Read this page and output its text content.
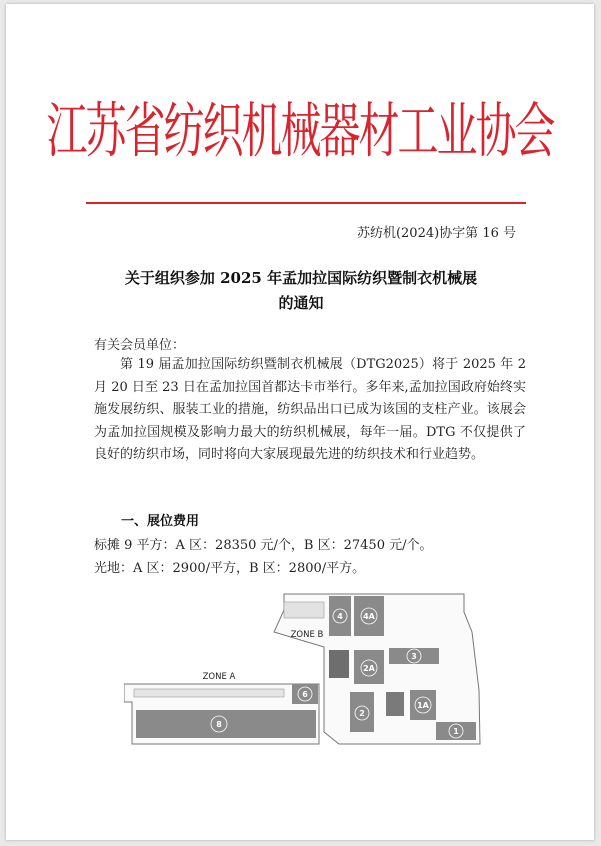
江苏省纺织机械器材工业协会
苏纺机(2024)协字第 16 号
关于组织参加 2025 年孟加拉国际纺织暨制衣机械展
的通知
有关会员单位：
第 19 届孟加拉国际纺织暨制衣机械展（DTG2025）将于 2025 年 2 月 20 日至 23 日在孟加拉国首都达卡市举行。多年来,孟加拉国政府始终实施发展纺织、服装工业的措施，纺织品出口已成为该国的支柱产业。该展会为孟加拉国规模及影响力最大的纺织机械展，每年一届。DTG 不仅提供了良好的纺织市场，同时将向大家展现最先进的纺织技术和行业趋势。
一、展位费用
标摊 9 平方：A 区：28350 元/个，B 区：27450 元/个。
光地：A 区：2900/平方，B 区：2800/平方。
ZONE A
ZONE B
4	4A
3
2A
2
1A
1
6
8
